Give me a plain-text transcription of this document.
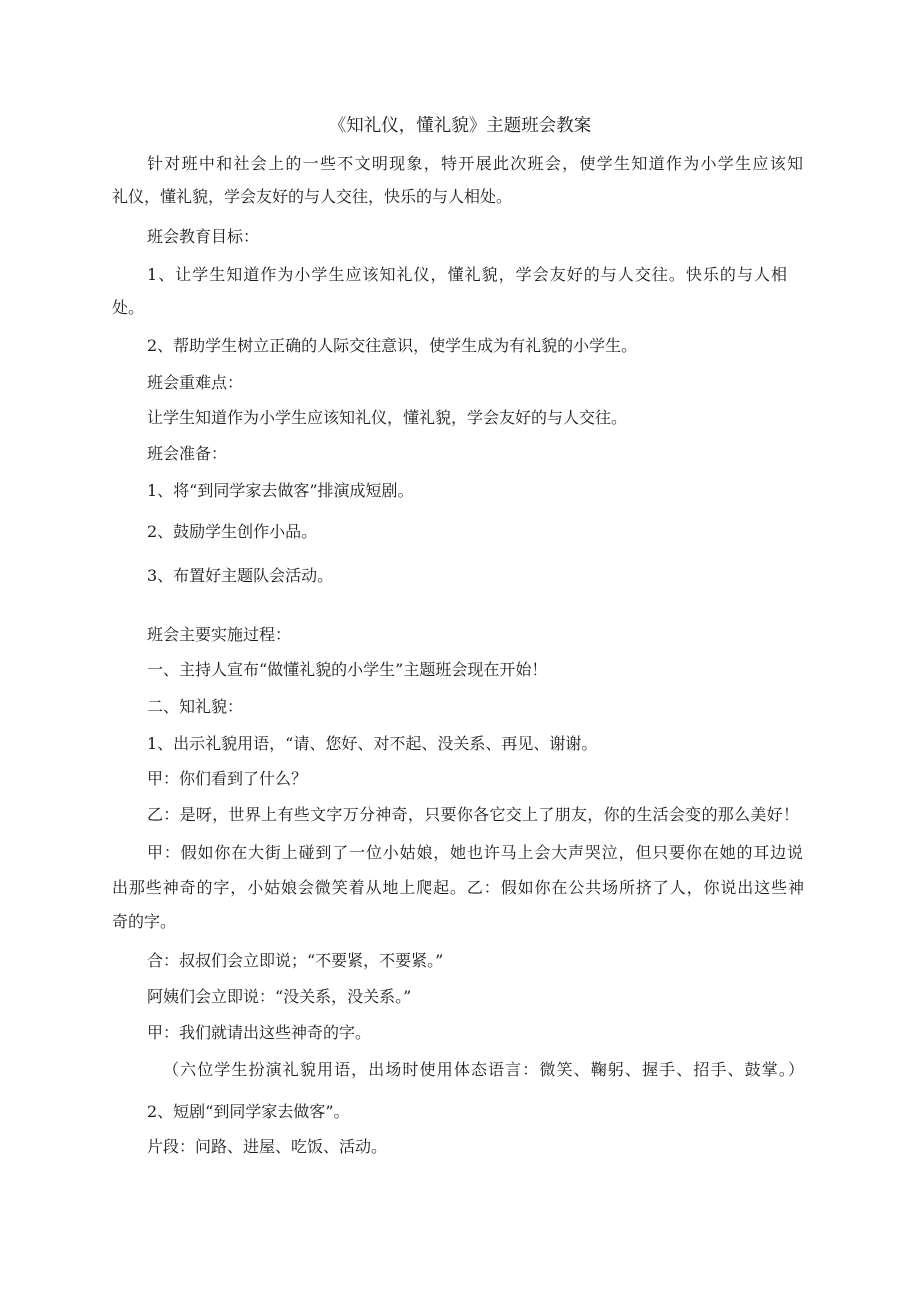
《知礼仪，懂礼貌》主题班会教案

针对班中和社会上的一些不文明现象，特开展此次班会，使学生知道作为小学生应该知

礼仪，懂礼貌，学会友好的与人交往，快乐的与人相处。

班会教育目标：

1、让学生知道作为小学生应该知礼仪，懂礼貌，学会友好的与人交往。快乐的与人相

处。

2、帮助学生树立正确的人际交往意识，使学生成为有礼貌的小学生。

班会重难点：

让学生知道作为小学生应该知礼仪，懂礼貌，学会友好的与人交往。

班会准备：

1、将“到同学家去做客”排演成短剧。

2、鼓励学生创作小品。

3、布置好主题队会活动。

班会主要实施过程：

一、主持人宣布“做懂礼貌的小学生”主题班会现在开始！

二、知礼貌：

1、出示礼貌用语，“请、您好、对不起、没关系、再见、谢谢。

甲：你们看到了什么？

乙：是呀，世界上有些文字万分神奇，只要你各它交上了朋友，你的生活会变的那么美好！

甲：假如你在大街上碰到了一位小姑娘，她也许马上会大声哭泣，但只要你在她的耳边说

出那些神奇的字，小姑娘会微笑着从地上爬起。乙：假如你在公共场所挤了人，你说出这些神

奇的字。

合：叔叔们会立即说；“不要紧，不要紧。”

阿姨们会立即说：“没关系，没关系。”

甲：我们就请出这些神奇的字。

（六位学生扮演礼貌用语，出场时使用体态语言：微笑、鞠躬、握手、招手、鼓掌。）

2、短剧“到同学家去做客”。

片段：问路、进屋、吃饭、活动。
